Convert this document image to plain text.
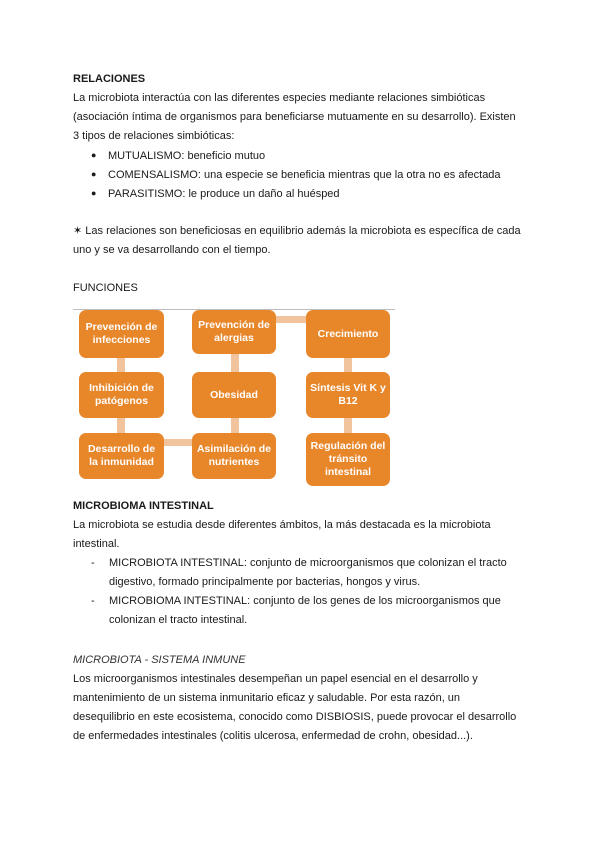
RELACIONES
La microbiota interactúa con las diferentes especies mediante relaciones simbióticas
(asociación íntima de organismos para beneficiarse mutuamente en su desarrollo). Existen
3 tipos de relaciones simbióticas:
● MUTUALISMO: beneficio mutuo
● COMENSALISMO: una especie se beneficia mientras que la otra no es afectada
● PARASITISMO: le produce un daño al huésped
✶ Las relaciones son beneficiosas en equilibrio además la microbiota es específica de cada
uno y se va desarrollando con el tiempo.
FUNCIONES
Prevención de infecciones
Inhibición de patógenos
Desarrollo de la inmunidad
Prevención de alergias
Obesidad
Asimilación de nutrientes
Crecimiento
Síntesis Vit K y B12
Regulación del tránsito intestinal
MICROBIOMA INTESTINAL
La microbiota se estudia desde diferentes ámbitos, la más destacada es la microbiota
intestinal.
- MICROBIOTA INTESTINAL: conjunto de microorganismos que colonizan el tracto
digestivo, formado principalmente por bacterias, hongos y virus.
- MICROBIOMA INTESTINAL: conjunto de los genes de los microorganismos que
colonizan el tracto intestinal.
MICROBIOTA - SISTEMA INMUNE
Los microorganismos intestinales desempeñan un papel esencial en el desarrollo y
mantenimiento de un sistema inmunitario eficaz y saludable. Por esta razón, un
desequilibrio en este ecosistema, conocido como DISBIOSIS, puede provocar el desarrollo
de enfermedades intestinales (colitis ulcerosa, enfermedad de crohn, obesidad...).
